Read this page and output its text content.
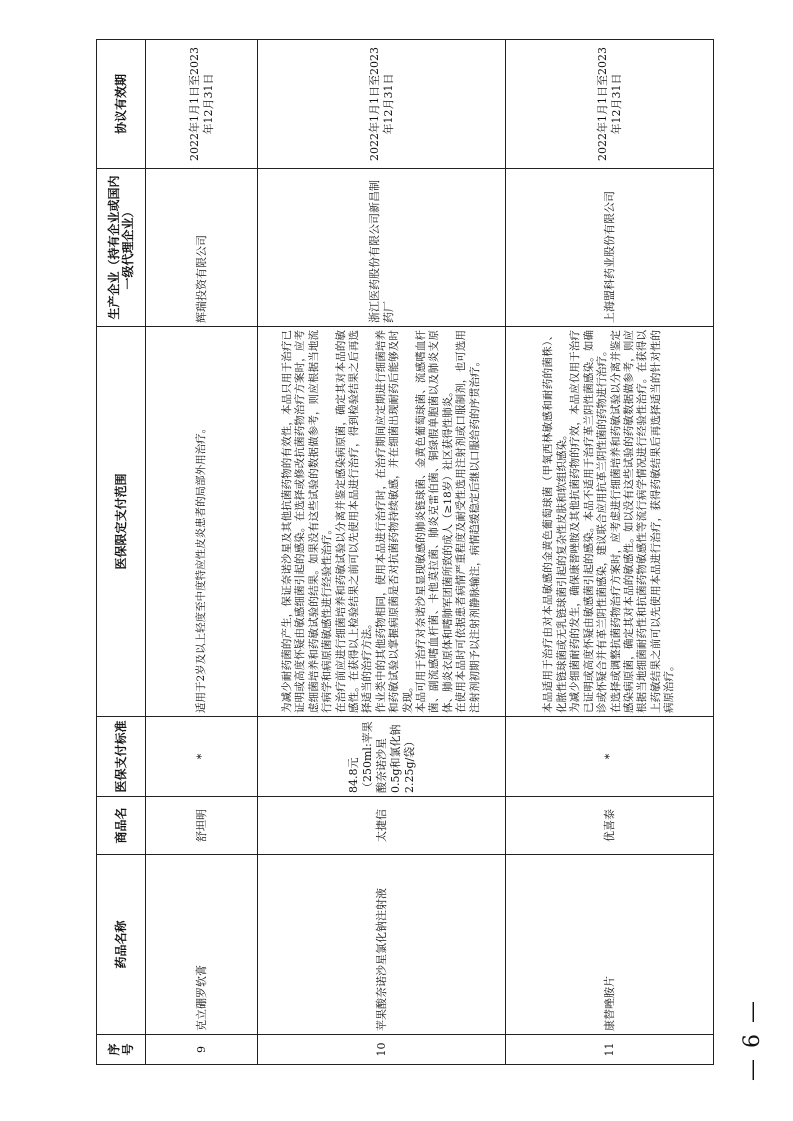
序号	药品名称	商品名	医保支付标准	医保限定支付范围	生产企业（持有企业或国内一级代理企业）	协议有效期
9	克立硼罗软膏	舒坦明	*	适用于2岁及以上轻度至中度特应性皮炎患者的局部外用治疗。	辉瑞投资有限公司	2022年1月1日至2023年12月31日
10	苹果酸奈诺沙星氯化钠注射液	太捷信	84.8元（250ml:苹果酸奈诺沙星0.5g和氯化钠2.25g/袋）	为减少耐药菌的产生，保证奈诺沙星及其他抗菌药物的有效性，本品只用于治疗已证明或高度怀疑由敏感细菌引起的感染。在选择或修改抗菌药物治疗方案时，应考虑细菌培养和药敏试验的结果。如果没有这些试验的数据做参考，则应根据当地流行病学和病原菌敏感性进行经验性治疗。 在治疗前应进行细菌培养和药敏试验以分离并鉴定感染病原菌，确定其对本品的敏感性。在获得以上检验结果之前可以先使用本品进行治疗，得到检验结果之后再选择适当的治疗方法。 作业类中的其他药物相同，使用本品进行治疗时，在治疗期间应定期进行细菌培养和药敏试验以掌握病原菌是否对抗菌药物持续敏感，并在细菌出现耐药后能够及时发现。 本品可用于治疗对奈诺沙星显现敏感的肺炎链球菌、金黄色葡萄球菌、流感嗜血杆菌、副流感嗜血杆菌、卡他莫拉菌、肺炎克雷伯菌、铜绿假单胞菌以及肺炎支原体、肺炎衣原体和嗜肺军团菌所致的成人（≥18岁）社区获得性肺炎。 在使用本品时可依据患者病情严重程度及耐受性选用注射剂或口服制剂，也可选用注射剂初期予以注射剂静脉输注，病情趋缓稳定后继以口服给药的序贯治疗。	浙江医药股份有限公司新昌制药厂	2022年1月1日至2023年12月31日
11	康替唑胺片	优喜泰	*	本品适用于治疗由对本品敏感的金黄色葡萄球菌（甲氧西林敏感和耐药的菌株）、化脓性链球菌或无乳链球菌引起的复杂性皮肤和软组织感染。 为减少细菌耐药的发生，确保康替唑胺及其他抗菌药物的疗效，本品应仅用于治疗已证明或高度怀疑由敏感菌引起的感染。本品不适用于治疗革兰阴性菌感染。如确诊或怀疑合并有革兰阴性菌感染，建议联合应用抗革兰阴性菌的药物进行治疗。 在选择或调整抗菌药物治疗方案时，应考虑进行细菌培养和药敏试验以分离并鉴定感染病原菌，确定其对本品的敏感性。如以没有这些试验的药敏数据做参考，则应根据当地细菌耐药性和抗菌药物敏感性等流行病学情况进行经验性治疗。在获得以上药敏结果之前可以先使用本品进行治疗，获得药敏结果后再选择适当的针对性的病原治疗。	上海盟科药业股份有限公司	2022年1月1日至2023年12月31日
— 6 —
